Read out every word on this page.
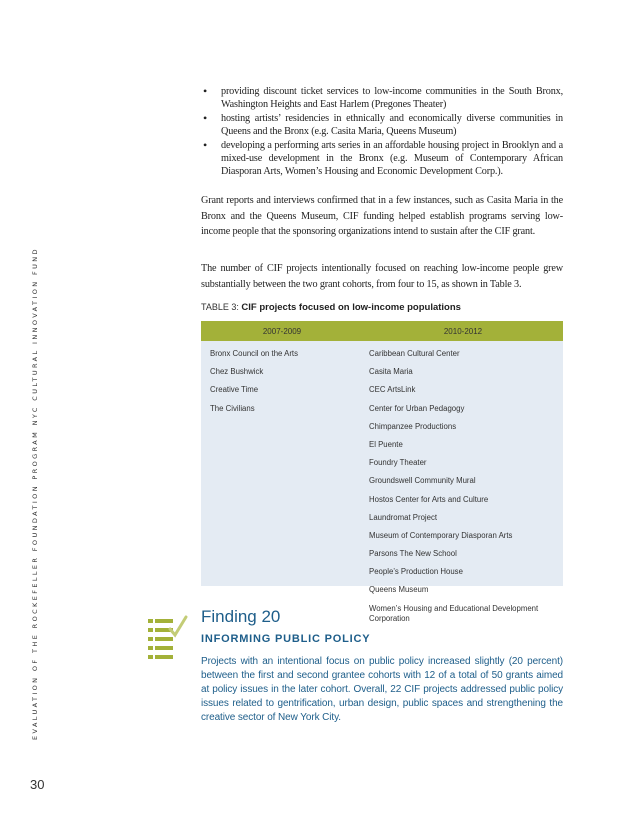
EVALUATION OF THE ROCKEFELLER FOUNDATION PROGRAM NYC CULTURAL INNOVATION FUND
30
• providing discount ticket services to low-income communities in the South Bronx, Washington Heights and East Harlem (Pregones Theater)
• hosting artists’ residencies in ethnically and economically diverse communities in Queens and the Bronx (e.g. Casita Maria, Queens Museum)
• developing a performing arts series in an affordable housing project in Brooklyn and a mixed-use development in the Bronx (e.g. Museum of Contemporary African Diasporan Arts, Women’s Housing and Economic Development Corp.).

Grant reports and interviews confirmed that in a few instances, such as Casita Maria in the Bronx and the Queens Museum, CIF funding helped establish programs serving low-income people that the sponsoring organizations intend to sustain after the CIF grant.

The number of CIF projects intentionally focused on reaching low-income people grew substantially between the two grant cohorts, from four to 15, as shown in Table 3.

TABLE 3: CIF projects focused on low-income populations
2007-2009	2010-2012
Bronx Council on the Arts
Chez Bushwick
Creative Time
The Civilians
Caribbean Cultural Center
Casita Maria
CEC ArtsLink
Center for Urban Pedagogy
Chimpanzee Productions
El Puente
Foundry Theater
Groundswell Community Mural
Hostos Center for Arts and Culture
Laundromat Project
Museum of Contemporary Diasporan Arts
Parsons The New School
People’s Production House
Queens Museum
Women’s Housing and Educational Development Corporation
Finding 20
INFORMING PUBLIC POLICY

Projects with an intentional focus on public policy increased slightly (20 percent) between the first and second grantee cohorts with 12 of a total of 50 grants aimed at policy issues in the later cohort. Overall, 22 CIF projects addressed public policy issues related to gentrification, urban design, public spaces and strengthening the creative sector of New York City.
